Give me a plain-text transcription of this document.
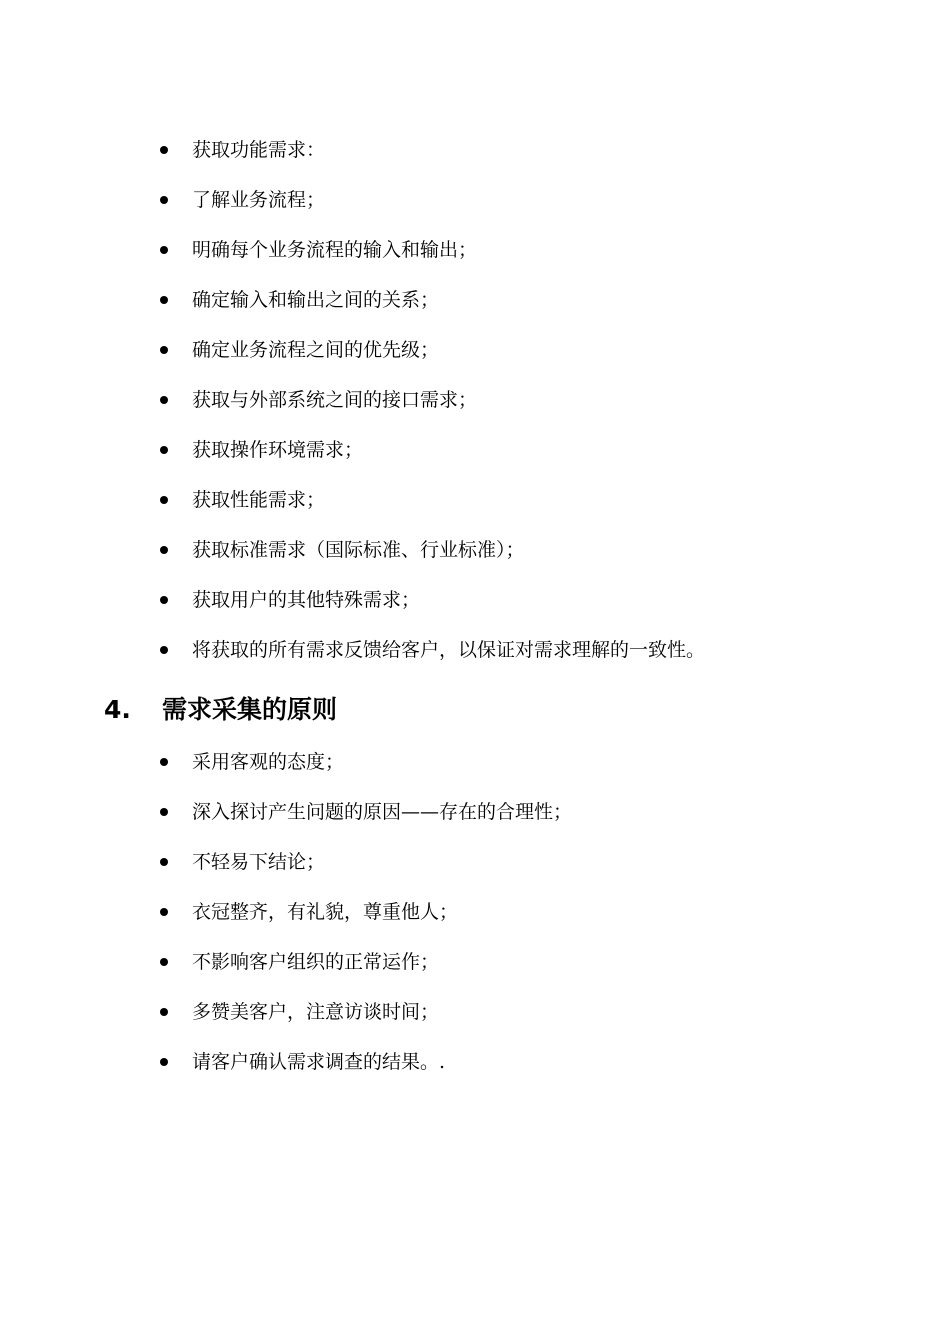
获取功能需求：
了解业务流程；
明确每个业务流程的输入和输出；
确定输入和输出之间的关系；
确定业务流程之间的优先级；
获取与外部系统之间的接口需求；
获取操作环境需求；
获取性能需求；
获取标准需求（国际标准、行业标准）；
获取用户的其他特殊需求；
将获取的所有需求反馈给客户，以保证对需求理解的一致性。
4. 需求采集的原则
采用客观的态度；
深入探讨产生问题的原因——存在的合理性；
不轻易下结论；
衣冠整齐，有礼貌，尊重他人；
不影响客户组织的正常运作；
多赞美客户，注意访谈时间；
请客户确认需求调查的结果。.
